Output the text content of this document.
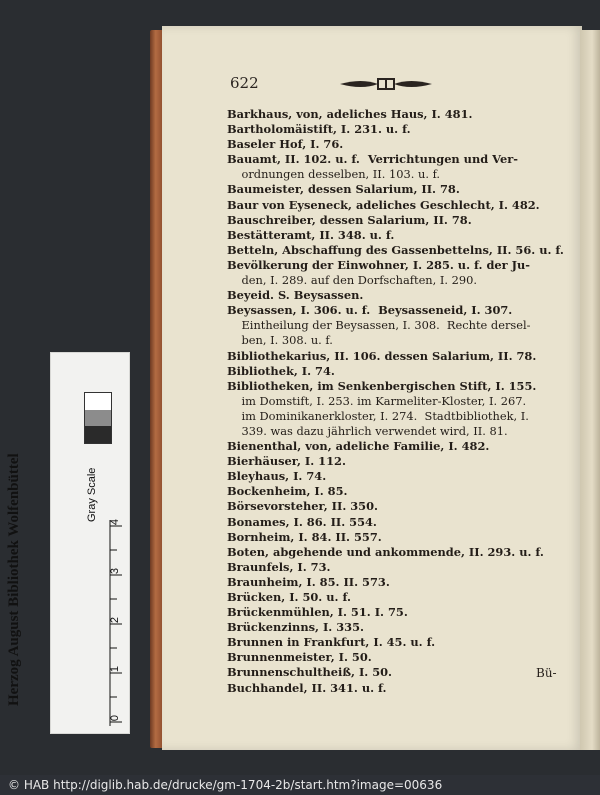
622
Barkhaus, von, adeliches Haus, I. 481.
Bartholomäistift, I. 231. u. f.
Baseler Hof, I. 76.
Bauamt, II. 102. u. f.  Verrichtungen und Ver-
ordnungen desselben, II. 103. u. f.
Baumeister, dessen Salarium, II. 78.
Baur von Eyseneck, adeliches Geschlecht, I. 482.
Bauschreiber, dessen Salarium, II. 78.
Bestätteramt, II. 348. u. f.
Betteln, Abschaffung des Gassenbettelns, II. 56. u. f.
Bevölkerung der Einwohner, I. 285. u. f. der Ju-
den, I. 289. auf den Dorfschaften, I. 290.
Beyeid. S. Beysassen.
Beysassen, I. 306. u. f.  Beysasseneid, I. 307.
Eintheilung der Beysassen, I. 308.  Rechte dersel-
ben, I. 308. u. f.
Bibliothekarius, II. 106. dessen Salarium, II. 78.
Bibliothek, I. 74.
Bibliotheken, im Senkenbergischen Stift, I. 155.
im Domstift, I. 253. im Karmeliter-Kloster, I. 267.
im Dominikanerkloster, I. 274.  Stadtbibliothek, I.
339. was dazu jährlich verwendet wird, II. 81.
Bienenthal, von, adeliche Familie, I. 482.
Bierhäuser, I. 112.
Bleyhaus, I. 74.
Bockenheim, I. 85.
Börsevorsteher, II. 350.
Bonames, I. 86. II. 554.
Bornheim, I. 84. II. 557.
Boten, abgehende und ankommende, II. 293. u. f.
Braunfels, I. 73.
Braunheim, I. 85. II. 573.
Brücken, I. 50. u. f.
Brückenmühlen, I. 51. I. 75.
Brückenzinns, I. 335.
Brunnen in Frankfurt, I. 45. u. f.
Brunnenmeister, I. 50.
Brunnenschultheiß, I. 50.
Buchhandel, II. 341. u. f.
Bü-
Herzog August Bibliothek Wolfenbüttel	Gray Scale
0
1
2
3
4
© HAB http://diglib.hab.de/drucke/gm-1704-2b/start.htm?image=00636
